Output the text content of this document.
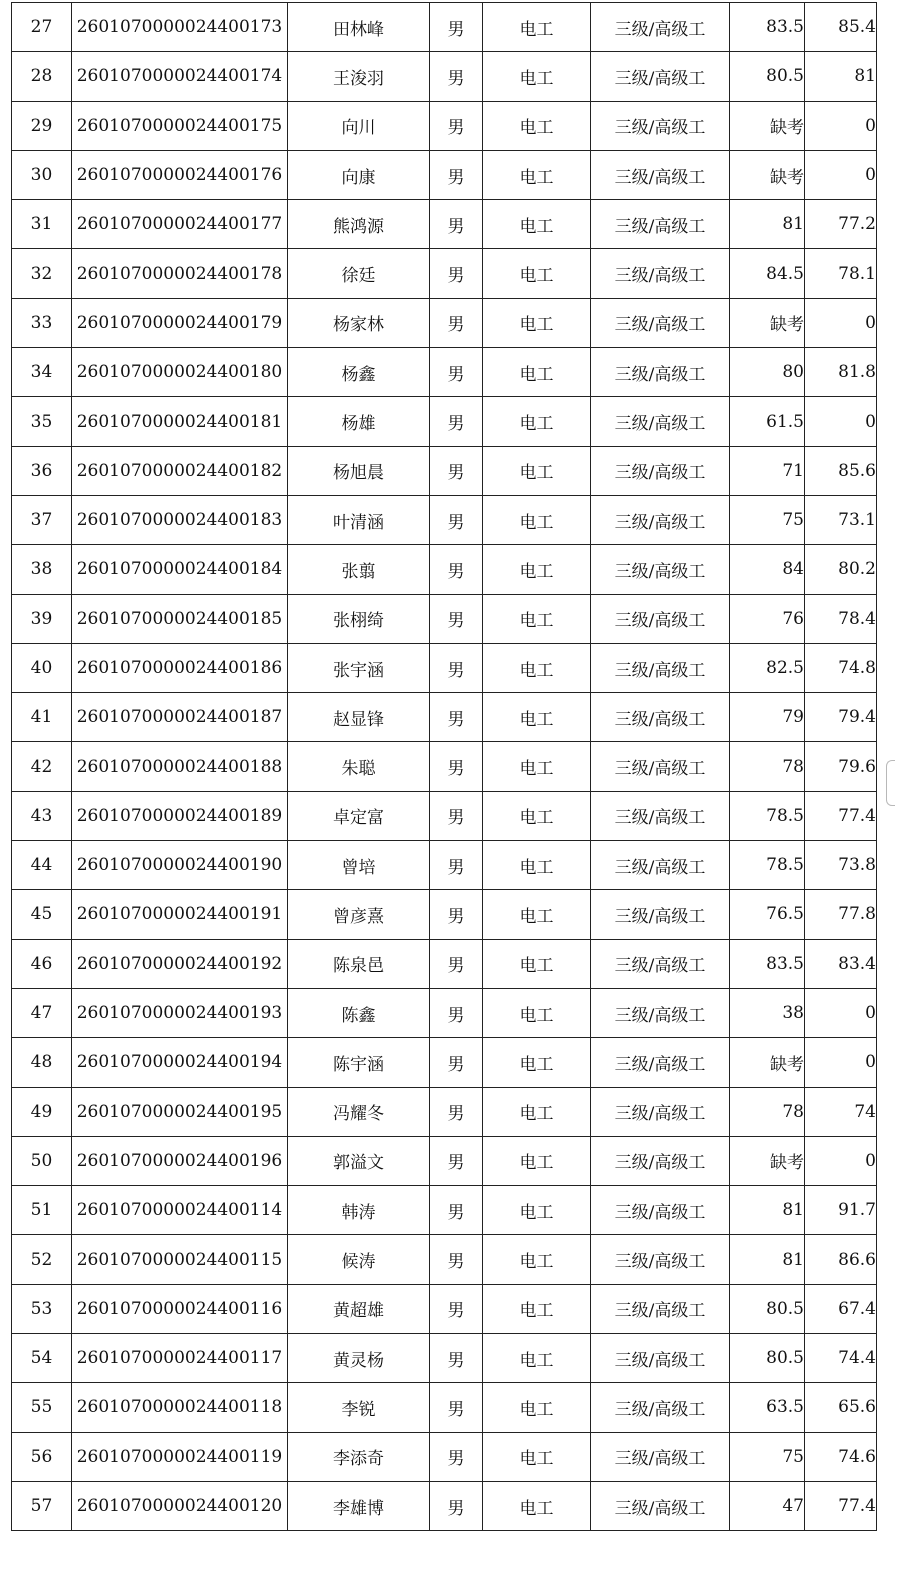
27	2601070000024400173	田林峰	男	电工	三级/高级工	83.5	85.4
28	2601070000024400174	王浚羽	男	电工	三级/高级工	80.5	81
29	2601070000024400175	向川	男	电工	三级/高级工	缺考	0
30	2601070000024400176	向康	男	电工	三级/高级工	缺考	0
31	2601070000024400177	熊鸿源	男	电工	三级/高级工	81	77.2
32	2601070000024400178	徐廷	男	电工	三级/高级工	84.5	78.1
33	2601070000024400179	杨家林	男	电工	三级/高级工	缺考	0
34	2601070000024400180	杨鑫	男	电工	三级/高级工	80	81.8
35	2601070000024400181	杨雄	男	电工	三级/高级工	61.5	0
36	2601070000024400182	杨旭晨	男	电工	三级/高级工	71	85.6
37	2601070000024400183	叶清涵	男	电工	三级/高级工	75	73.1
38	2601070000024400184	张翦	男	电工	三级/高级工	84	80.2
39	2601070000024400185	张栩绮	男	电工	三级/高级工	76	78.4
40	2601070000024400186	张宇涵	男	电工	三级/高级工	82.5	74.8
41	2601070000024400187	赵显锋	男	电工	三级/高级工	79	79.4
42	2601070000024400188	朱聪	男	电工	三级/高级工	78	79.6
43	2601070000024400189	卓定富	男	电工	三级/高级工	78.5	77.4
44	2601070000024400190	曾培	男	电工	三级/高级工	78.5	73.8
45	2601070000024400191	曾彦熹	男	电工	三级/高级工	76.5	77.8
46	2601070000024400192	陈泉邑	男	电工	三级/高级工	83.5	83.4
47	2601070000024400193	陈鑫	男	电工	三级/高级工	38	0
48	2601070000024400194	陈宇涵	男	电工	三级/高级工	缺考	0
49	2601070000024400195	冯耀冬	男	电工	三级/高级工	78	74
50	2601070000024400196	郭溢文	男	电工	三级/高级工	缺考	0
51	2601070000024400114	韩涛	男	电工	三级/高级工	81	91.7
52	2601070000024400115	候涛	男	电工	三级/高级工	81	86.6
53	2601070000024400116	黄超雄	男	电工	三级/高级工	80.5	67.4
54	2601070000024400117	黄灵杨	男	电工	三级/高级工	80.5	74.4
55	2601070000024400118	李锐	男	电工	三级/高级工	63.5	65.6
56	2601070000024400119	李添奇	男	电工	三级/高级工	75	74.6
57	2601070000024400120	李雄博	男	电工	三级/高级工	47	77.4
